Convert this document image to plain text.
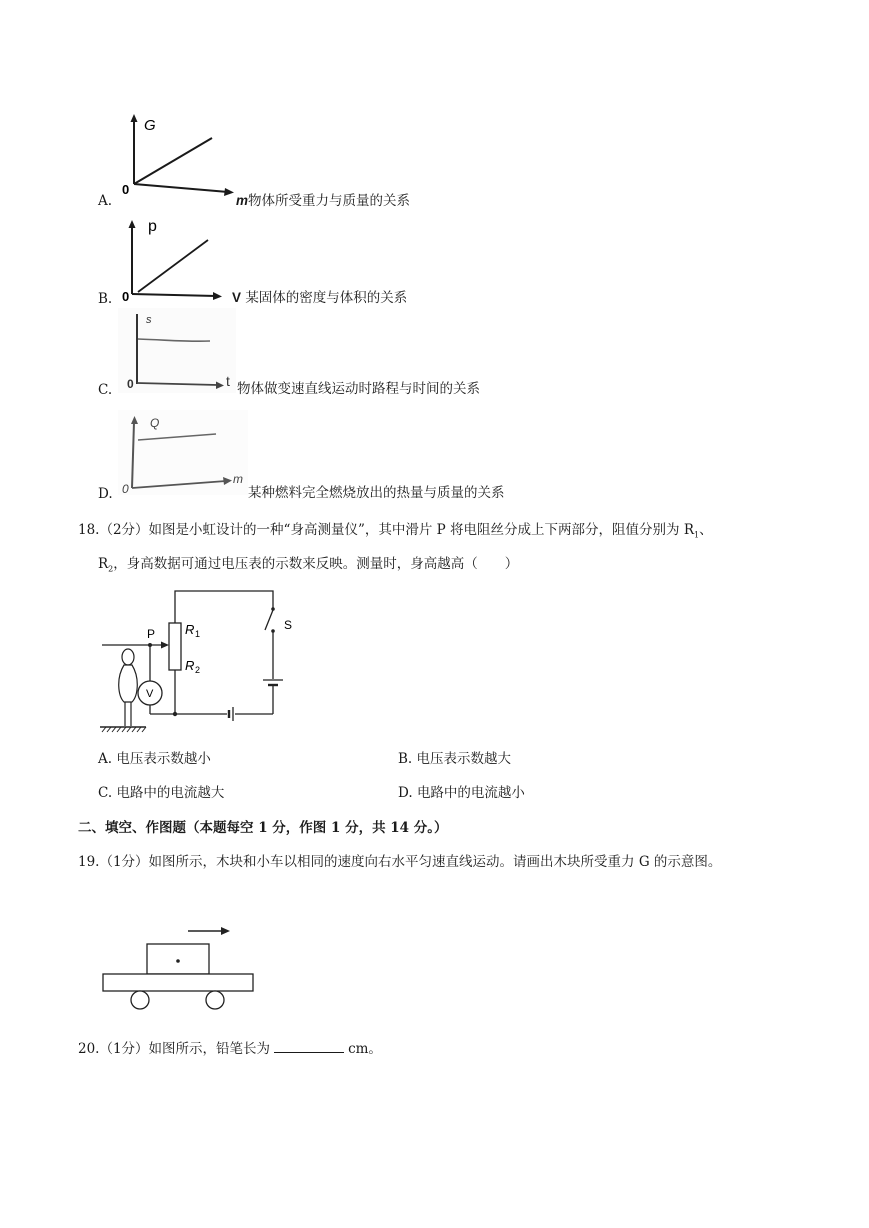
G
0
A.	m物体所受重力与质量的关系
p
0
B.	V 某固体的密度与体积的关系
s
0	t
C.	物体做变速直线运动时路程与时间的关系
Q
0
m
D.	某种燃料完全燃烧放出的热量与质量的关系
18.（2分）如图是小虹设计的一种“身高测量仪”，其中滑片 P 将电阻丝分成上下两部分，阻值分别为 $R_1$、
$R_2$，身高数据可通过电压表的示数来反映。测量时，身高越高（　　）
P R 1
R 2
S
V
A. 电压表示数越小	B. 电压表示数越大
C. 电路中的电流越大	D. 电路中的电流越小
二、填空、作图题（本题每空 1 分，作图 1 分，共 14 分。）
19.（1分）如图所示，木块和小车以相同的速度向右水平匀速直线运动。请画出木块所受重力 G 的示意图。
20.（1分）如图所示，铅笔长为	cm。
